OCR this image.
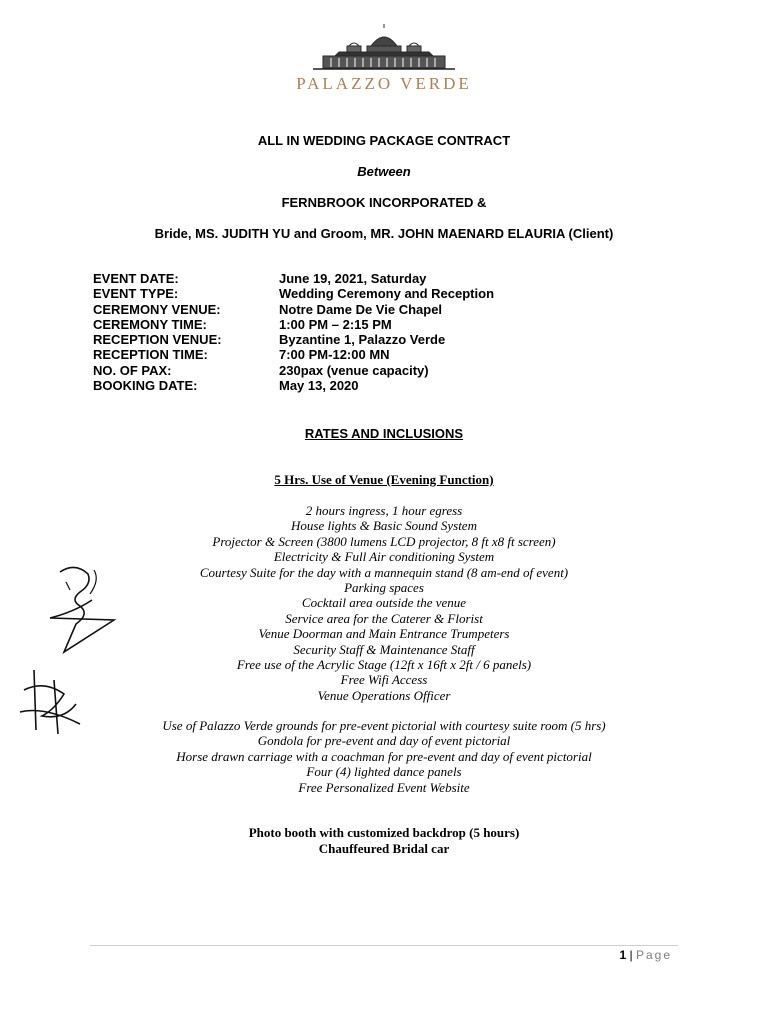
PALAZZO VERDE
ALL IN WEDDING PACKAGE CONTRACT
Between
FERNBROOK INCORPORATED &
Bride, MS. JUDITH YU and Groom, MR. JOHN MAENARD ELAURIA (Client)
EVENT DATE:	June 19, 2021, Saturday
EVENT TYPE:	Wedding Ceremony and Reception
CEREMONY VENUE:	Notre Dame De Vie Chapel
CEREMONY TIME:	1:00 PM – 2:15 PM
RECEPTION VENUE:	Byzantine 1, Palazzo Verde
RECEPTION TIME:	7:00 PM-12:00 MN
NO. OF PAX:	230pax (venue capacity)
BOOKING DATE:	May 13, 2020
RATES AND INCLUSIONS
5 Hrs. Use of Venue (Evening Function)
2 hours ingress, 1 hour egress
House lights & Basic Sound System
Projector & Screen (3800 lumens LCD projector, 8 ft x8 ft screen)
Electricity & Full Air conditioning System
Courtesy Suite for the day with a mannequin stand (8 am-end of event)
Parking spaces
Cocktail area outside the venue
Service area for the Caterer & Florist
Venue Doorman and Main Entrance Trumpeters
Security Staff & Maintenance Staff
Free use of the Acrylic Stage (12ft x 16ft x 2ft / 6 panels)
Free Wifi Access
Venue Operations Officer
Use of Palazzo Verde grounds for pre-event pictorial with courtesy suite room (5 hrs)
Gondola for pre-event and day of event pictorial
Horse drawn carriage with a coachman for pre-event and day of event pictorial
Four (4) lighted dance panels
Free Personalized Event Website
Photo booth with customized backdrop (5 hours)
Chauffeured Bridal car
1 | Page
